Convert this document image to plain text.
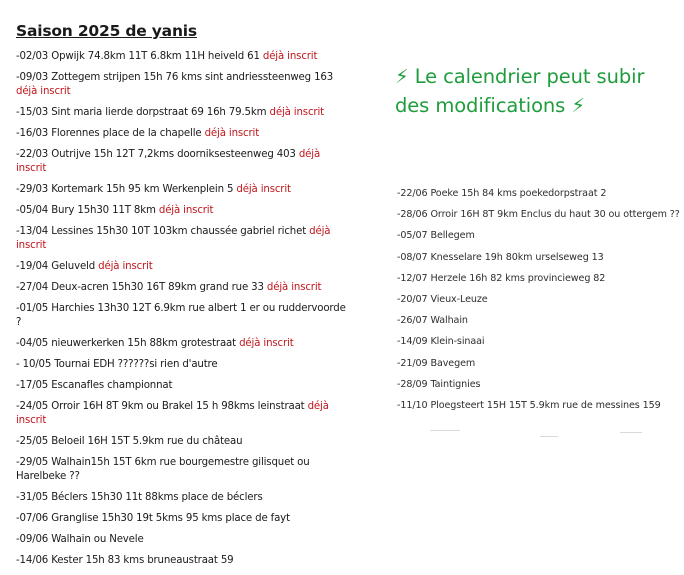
Saison 2025 de yanis
-02/03 Opwijk 74.8km 11T 6.8km 11H heiveld 61 déjà inscrit
-09/03 Zottegem strijpen 15h 76 kms sint andriessteenweg 163 déjà inscrit
-15/03 Sint maria lierde dorpstraat 69 16h 79.5km déjà inscrit
-16/03 Florennes place de la chapelle déjà inscrit
-22/03 Outrijve 15h 12T 7,2kms doorniksesteenweg 403 déjà inscrit
-29/03 Kortemark 15h 95 km Werkenplein 5 déjà inscrit
-05/04 Bury 15h30 11T 8km déjà inscrit
-13/04 Lessines 15h30 10T 103km chaussée gabriel richet déjà inscrit
-19/04 Geluveld déjà inscrit
-27/04 Deux-acren 15h30 16T 89km grand rue 33 déjà inscrit
-01/05 Harchies 13h30 12T 6.9km rue albert 1 er ou ruddervoorde ?
-04/05 nieuwerkerken 15h 88km grotestraat déjà inscrit
- 10/05 Tournai EDH ??????si rien d'autre
-17/05 Escanafles championnat
-24/05 Orroir 16H 8T 9km ou Brakel 15 h 98kms leinstraat déjà inscrit
-25/05 Beloeil 16H 15T 5.9km rue du château
-29/05 Walhain15h 15T 6km rue bourgemestre gilisquet ou Harelbeke ??
-31/05 Béclers 15h30 11t 88kms place de béclers
-07/06 Granglise 15h30 19t 5kms 95 kms place de fayt
-09/06 Walhain ou Nevele
-14/06 Kester 15h 83 kms bruneaustraat 59
⚡ Le calendrier peut subir des modifications ⚡
-22/06 Poeke 15h 84 kms poekedorpstraat 2
-28/06 Orroir 16H 8T 9km Enclus du haut 30 ou ottergem ??
-05/07 Bellegem
-08/07 Knesselare 19h 80km urselseweg 13
-12/07 Herzele 16h 82 kms provincieweg 82
-20/07 Vieux-Leuze
-26/07 Walhain
-14/09 Klein-sinaai
-21/09 Bavegem
-28/09 Taintignies
-11/10 Ploegsteert 15H 15T 5.9km rue de messines 159
